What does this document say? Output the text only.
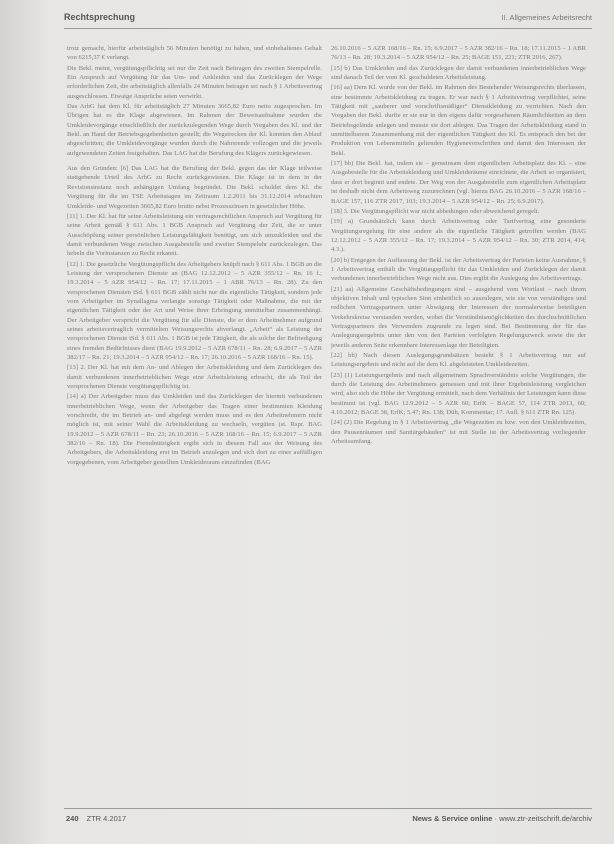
Rechtsprechung	II. Allgemeines Arbeitsrecht

trotz gemacht, hierfür arbeitstäglich 56 Minuten benötigt zu haben, und einbehaltenes Gehalt von 6215,37 € verlangt.

Die Bekl. meint, vergütungspflichtig sei nur die Zeit nach Beitragen des zweiten Stempelrelle. Ein Anspruch auf Vergütung für das Um- und Ankleiden und das Zurücklegen der Wege erforderlichen Zeit, die arbeitstäglich allenfalls 24 Minuten betragen sei nach § 1 Arbeitsvertrag ausgeschlossen. Etwaige Ansprüche seien verwirkt.

Das ArbG hat dem Kl. für arbeitstäglich 27 Minuten 3665,82 Euro netto zugesprochen. Im Übrigen hat es die Klage abgewiesen. Im Rahmen der Beweisaufnahme wurden die Umkleidevorgänge einschließlich der zurückzulegenden Wege durch Vorgaben des Kl. und der Bekl. an Hand der Betriebsgegebenheiten gestellt; die Wegstrecken der Kl. konnten den Ablauf abgeschritten; die Umkleidevorgänge wurden durch die Nahrsrende vollzogen und die jeweils aufgewendeten Zeiten festgehalten. Das LAG hat die Berufung des Klägers zurückgewiesen.

Aus den Gründen: [6] Das LAG hat die Berufung der Bekl. gegen das der Klage teilweise stattgebende Urteil des ArbG zu Recht zurückgewiesen. Die Klage ist in dem in der Revisionsinstanz noch anhängigen Umfang begründet. Die Bekl. schuldet dem Kl. die Vergütung für die im TSE Arbeitstagen im Zeitraum 1.2.2011 bis 31.12.2014 erbrachten Umkleide- und Wegezeiten 3665,82 Euro brutto nebst Prozesszinsen in gesetzlicher Höhe.

[11] 1. Der Kl. hat für seine Arbeitsleistung ein vertragsrechtlichen Anspruch auf Vergütung für seine Arbeit gemäß § 611 Abs. 1 BGB Anspruch auf Vergütung der Zeit, die er unter Ausschöpfung seiner persönlichen Leistungsfähigkeit benötigt, um sich umzukleiden und die damit verbundenen Wege zwischen Ausgabestelle und zweiter Stempeluhr zurückzulegen. Das hebeln die Vorinstanzen zu Recht erkannt.

[12] 1. Die gesetzliche Vergütungspflicht des Arbeitgebers knüpft nach § 611 Abs. 1 BGB an die Leistung der versprochenen Dienste an (BAG 12.12.2012 – 5 AZR 355/12 – Rn. 16 f.; 19.3.2014 – 5 AZR 954/12 – Rn. 17; 17.11.2015 – 1 ABR 76/13 – Rn. 28). Zu den versprochenen Diensten iSd. § 611 BGB zählt nicht nur die eigentliche Tätigkeit, sondern jede vom Arbeitgeber im Synallagma verlangte sonstige Tätigkeit oder Maßnahme, die mit der eigentlichen Tätigkeit oder der Art und Weise ihrer Erbringung unmittelbar zusammenhängt. Der Arbeitgeber verspricht die Vergütung für alle Dienste, die er dem Arbeitnehmer aufgrund seines arbeitsvertraglich vermittelten Weisungsrechts abverlangt. „Arbeit“ als Leistung der versprochenen Dienste iSd. § 611 Abs. 1 BGB ist jede Tätigkeit, die als solche der Befriedigung eines fremden Bedürfnisses dient (BAG 19.9.2012 – 5 AZR 678/11 – Rn. 28; 6.9.2017 – 5 AZR 382/17 – Rn. 21; 19.3.2014 – 5 AZR 954/12 – Rn. 17; 26.10.2016 – 5 AZR 168/16 – Rn. 15).

[13] 2. Der Kl. hat mit dem An- und Ablegen der Arbeitskleidung und dem Zurücklegen des damit verbundenen innerbetrieblichen Wege eine Arbeitsleistung erbracht, die als Teil der versprochenen Dienste vergütungspflichtig ist.

[14] a) Der Arbeitgeber muss das Umkleiden und das Zurücklegen der hiermit verbundenen innerbetrieblichen Wege, wenn der Arbeitgeber das Tragen einer bestimmten Kleidung vorschreibt, die im Betrieb an- und abgelegt werden muss und es den Arbeitnehmern nicht möglich ist, mit seiner Wahl die Arbeitskleidung zu wechseln, vergüten (st. Rspr. BAG 19.9.2012 – 5 AZR 678/11 – Rn. 23; 26.10.2016 – 5 AZR 168/16 – Rn. 15; 6.9.2017 – 5 AZR 382/16 – Rn. 18). Die Fremdnützigkeit ergibt sich in diesem Fall aus der Weisung des Arbeitgebers, die Arbeitskleidung erst im Betrieb anzulegen und sich dort zu einer auffälligen vorgegebenen, vom Arbeitgeber gestellten Umkleideraum einzufinden (BAG

26.10.2016 – 5 AZR 168/16 – Rn. 15; 6.9.2017 – 5 AZR 382/16 – Rn. 18; 17.11.2015 – 1 ABR 76/13 – Rn. 28; 19.3.2014 – 5 AZR 954/12 – Rn. 25; BAGE 151, 221; ZTR 2016, 267).

[15] b) Das Umkleiden und das Zurücklegen der damit verbundenen innerbetrieblichen Wege sind danach Teil der vom Kl. geschuldeten Arbeitsleistung.

[16] aa) Dem Kl. wurde von der Bekl. im Rahmen des Bestehender Weisungsrechts überlassen, eine bestimmte Arbeitskleidung zu tragen. Er war nach § 1 Arbeitsvertrag verpflichtet, seine Tätigkeit mit „sauberer und vorschriftsmäßiger“ Dienstkleidung zu verrichten. Nach den Vorgaben der Bekl. durfte er sie nur in den eigens dafür vorgesehenen Räumlichkeiten an dem Betriebsgelände anlegen und musste sie dort ablegen. Das Tragen der Arbeitskleidung stand in unmittelbarem Zusammenhang mit der eigentlichen Tätigkeit des Kl. Es entsprach den bei der Produktion von Lebensmitteln geltenden Hygienevorschriften und damit den Interessen der Bekl.

[17] bb) Die Bekl. hat, indem sie – gemeinsam dem eigentlichen Arbeitsplatz des Kl. – eine Ausgabestelle für die Arbeitskleidung und Umkleideräume einrichtete, die Arbeit so organisiert, dass er dort beginnt und endete. Der Weg von der Ausgabestelle zum eigentlichen Arbeitsplatz ist deshalb nicht dem Arbeitsweg zuzurechnen (vgl. hierzu BAG 26.10.2016 – 5 AZR 168/16 – BAGE 157, 116 ZTR 2017, 103; 19.3.2014 – 5 AZR 954/12 – Rn. 25; 6.9.2017).

[18] 3. Die Vergütungspflicht war nicht abbedungen oder abweichend geregelt.

[19] a) Grundsätzlich kann durch Arbeitsvertrag oder Tarifvertrag eine gesonderte Vergütungsregelung für eine andere als die eigentliche Tätigkeit getroffen werden (BAG 12.12.2012 – 5 AZR 355/12 – Rn. 17; 19.3.2014 – 5 AZR 954/12 – Rn. 30; ZTR 2014, 414; 4.3.).

[20] b) Entgegen der Auffassung der Bekl. ist der Arbeitsvertrag der Parteien keine Ausnahme, § 1 Arbeitsvertrag enthält die Vergütungspflicht für das Umkleiden und Zurücklegen der damit verbundenen innerbetrieblichen Wege nicht aus. Dies ergibt die Auslegung des Arbeitsvertrags.

[21] aa) Allgemeine Geschäftsbedingungen sind – ausgehend vom Wortlaut – nach ihrem objektiven Inhalt und typischen Sinn einheitlich so auszulegen, wie sie von verständigen und redlichen Vertragspartnern unter Abwägung der Interessen der normalerweise beteiligten Verkehrskreise verstanden werden, wobei die Verständnismöglichkeiten des durchschnittlichen Vertragspartners des Verwenders zugrunde zu legen sind. Bei Bestimmung der für das Auslegungsergebnis unter den von den Parteien verfolgten Regelungszweck sowie die der jeweils anderen Seite erkennbare Interessenlage der Beteiligten.

[22] bb) Nach diesen Auslegungsgrundsätzen besteht § 1 Arbeitsvertrag nur auf Leistungsergebnis und nicht auf die dem Kl. abgeleisteten Umkleidezeiten.

[23] (1) Leistungsergebnis und nach allgemeinem Sprachverständnis solche Vergütungen, die durch die Leistung des Arbeitnehmers gemessen und mit ihrer Ergebnisleistung vergleichen wird, also sich die Höhe der Vergütung ermittelt, nach dem Verhältnis der Leistungen kann diese bestimmt ist (vgl. BAG 12.9.2012 – 5 AZR 60; ErfK – BAGE 57, 114 ZTR 2013, 60; 4.10.2012; BAGE 38, ErfK; 5.47; Rn. 138; Düh, Kommentar; 17. Aufl. § 611 ZTR Rn. 125).

[24] (2) Die Regelung in § 1 Arbeitsvertrag „die Wegezeiten zu bzw. von den Umkleidezeiten, den Pausenräumen und Sanitärgebäuden“ ist mit Stelle ist der Arbeitsvertrag vorliegender Arbeitsumfang.

240 ZTR 4.2017	News & Service online · www.ztr-zeitschrift.de/archiv
